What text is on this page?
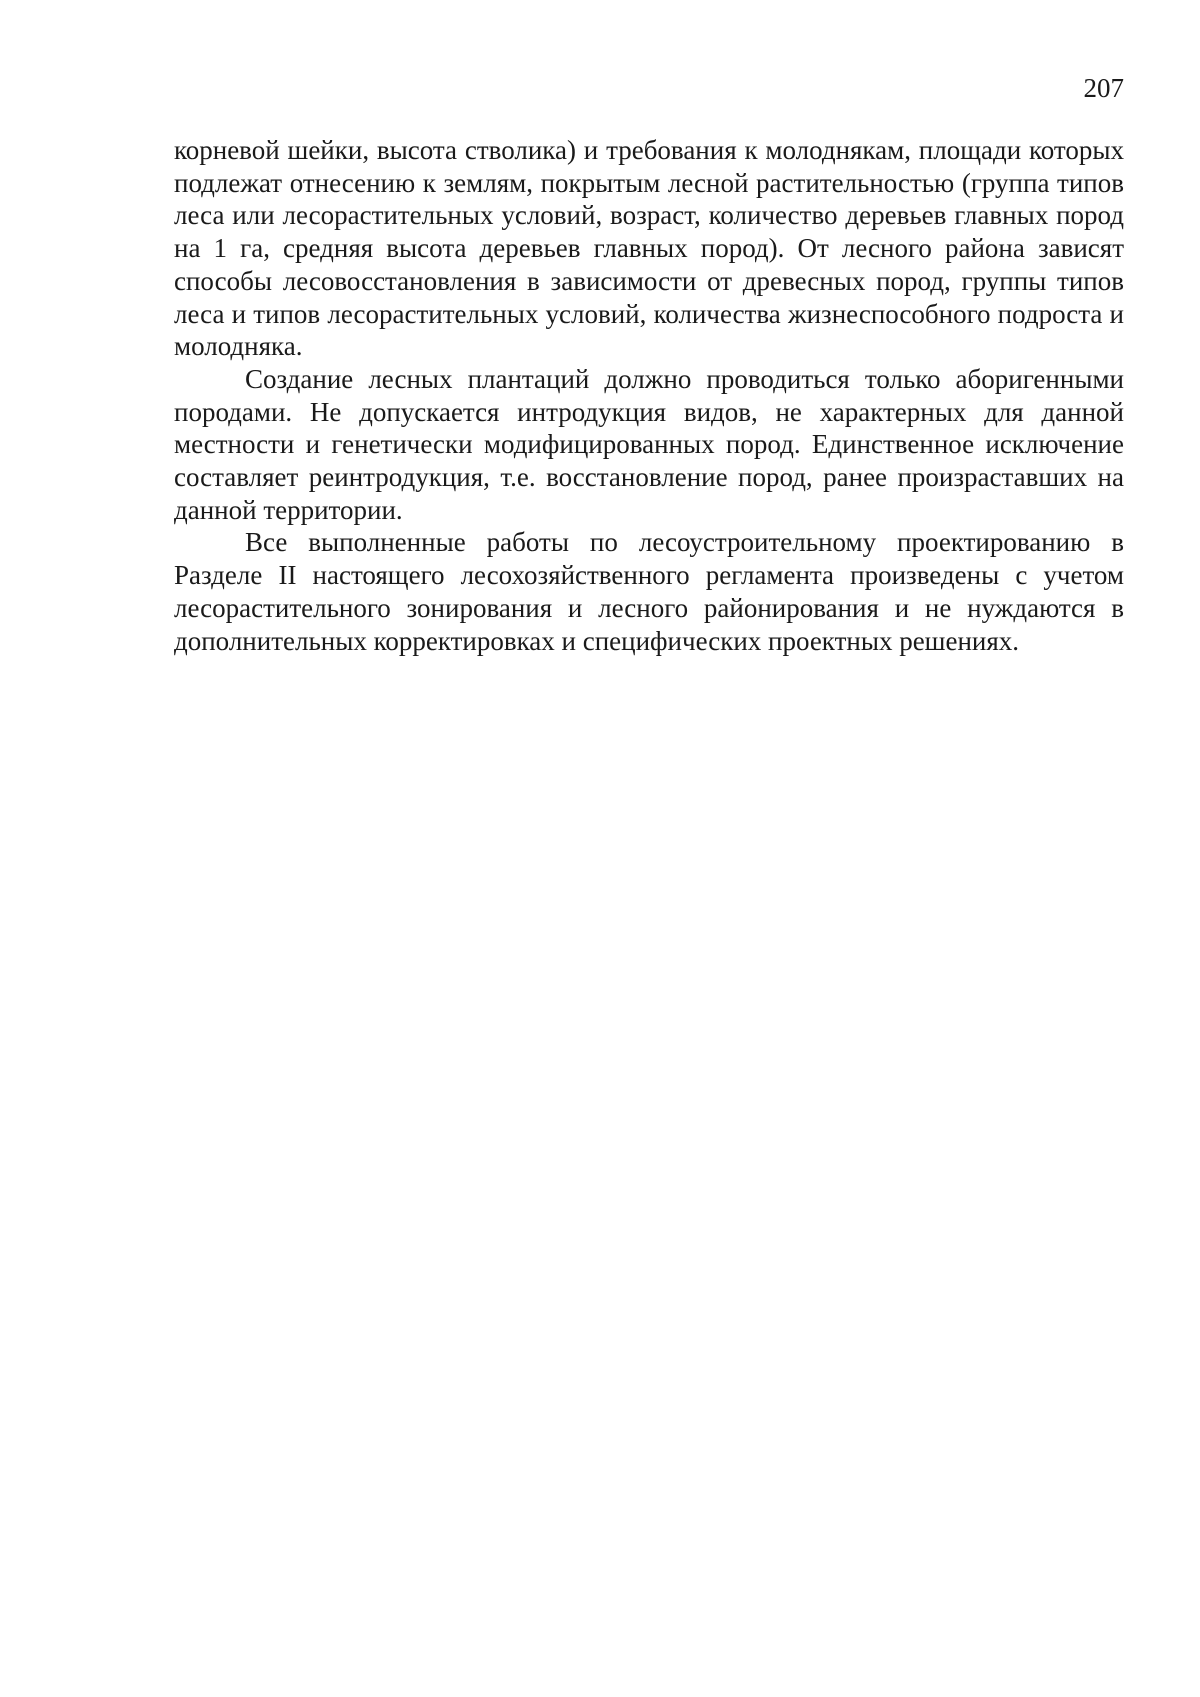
207

корневой шейки, высота стволика) и требования к молоднякам, площади которых подлежат отнесению к землям, покрытым лесной растительностью (группа типов леса или лесорастительных условий, возраст, количество деревьев главных пород на 1 га, средняя высота деревьев главных пород). От лесного района зависят способы лесовосстановления в зависимости от древесных пород, группы типов леса и типов лесорастительных условий, количества жизнеспособного подроста и молодняка.

Создание лесных плантаций должно проводиться только аборигенными породами. Не допускается интродукция видов, не характерных для данной местности и генетически модифицированных пород. Единственное исключение составляет реинтродукция, т.е. восстановление пород, ранее произраставших на данной территории.

Все выполненные работы по лесоустроительному проектированию в Разделе II настоящего лесохозяйственного регламента произведены с учетом лесорастительного зонирования и лесного районирования и не нуждаются в дополнительных корректировках и специфических проектных решениях.
